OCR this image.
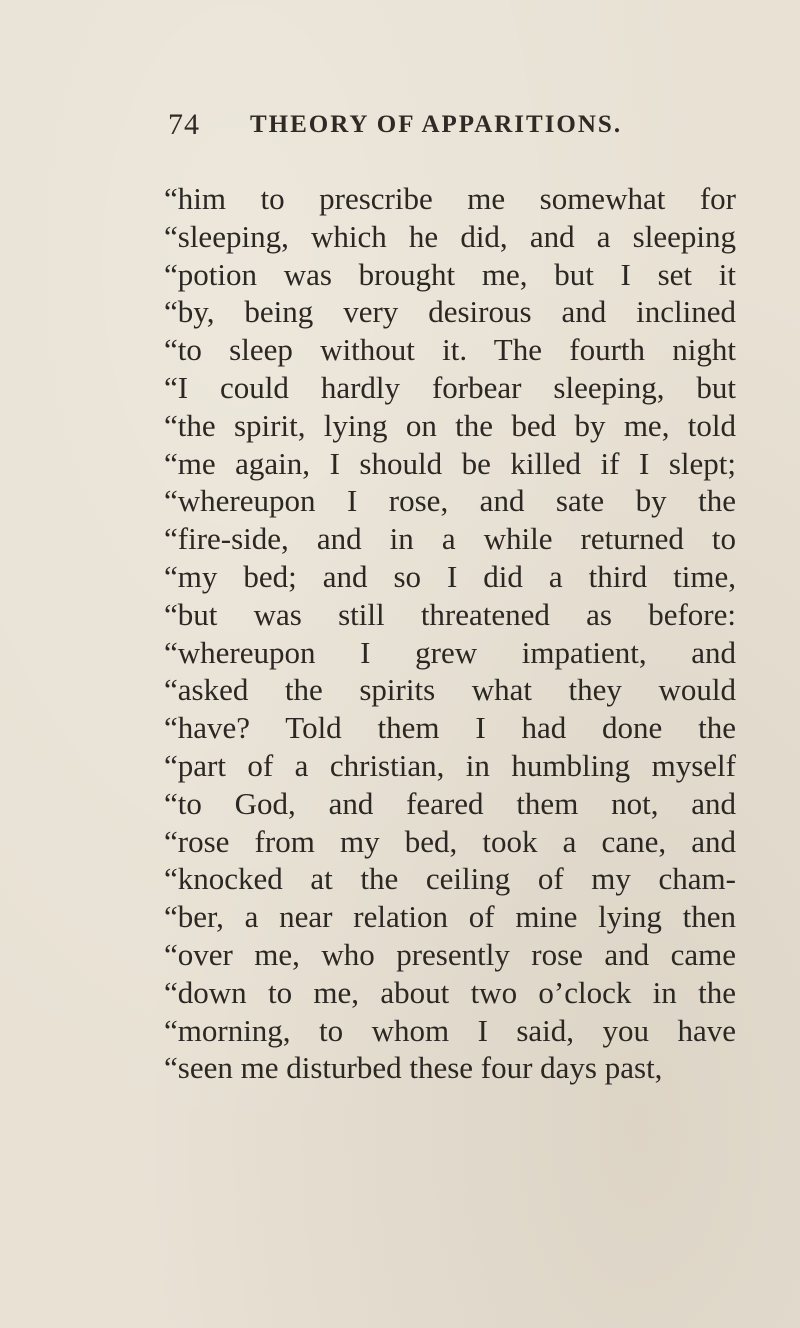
74 THEORY OF APPARITIONS.
“him to prescribe me somewhat for
“sleeping, which he did, and a sleeping
“potion was brought me, but I set it
“by, being very desirous and inclined
“to sleep without it. The fourth night
“I could hardly forbear sleeping, but
“the spirit, lying on the bed by me, told
“me again, I should be killed if I slept;
“whereupon I rose, and sate by the
“fire-side, and in a while returned to
“my bed; and so I did a third time,
“but was still threatened as before:
“whereupon I grew impatient, and
“asked the spirits what they would
“have? Told them I had done the
“part of a christian, in humbling myself
“to God, and feared them not, and
“rose from my bed, took a cane, and
“knocked at the ceiling of my cham-
“ber, a near relation of mine lying then
“over me, who presently rose and came
“down to me, about two o’clock in the
“morning, to whom I said, you have
“seen me disturbed these four days past,
